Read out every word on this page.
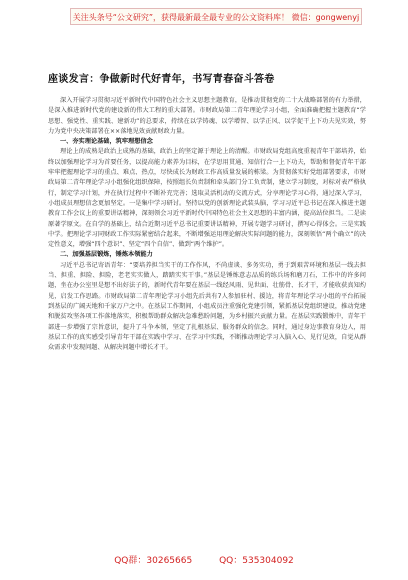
关注头条号“公文研究”，获得最新最全最专业的公文资料库！ 微信：gongwenyj
座谈发言：争做新时代好青年，书写青春奋斗答卷

深入开展学习贯彻习近平新时代中国特色社会主义思想主题教育，是推动贯彻党的二十大战略部署的有力举措，是深入推进新时代党的建设新的伟大工程的重大部署。市财政局第二青年理论学习小组，全面准确把握主题教育“学思想、强党性、重实践、建新功”的总要求，持续在以学铸魂、以学增智、以学正风、以学促干上下功夫见实效，努力为党中央决策部署在××落地见效贡献财政力量。

一、夯实理论基础，筑牢理想信念

理论上的成熟是政治上成熟的基础，政治上的坚定源于理论上的清醒。市财政局党组高度重视青年干部培养，始终以加强理论学习为首要任务，以提高能力素养为目标，在学思用贯通、知信行合一上下功夫，帮助和督促青年干部牢牢把握理论学习的重点、难点、热点，尽快成长为财政工作高质量发展的栋梁。为贯彻落实好党组部署要求，市财政局第二青年理论学习小组强化组织保障，按照组长负责制和牵头部门分工负责制，建立学习制度，对标对表严格执行，制定学习计划，并在执行过程中不断补充完善；选取灵活机动的交流方式，分享理论学习心得，通过深入学习，小组成员理想信念更加坚定。一是集中学习研讨。坚持以党的创新理论武装头脑，学习习近平总书记在深入推进主题教育工作会议上的重要讲话精神，深刻领会习近平新时代中国特色社会主义思想的丰富内涵，提高站位担当。二是读原著学原文。在自学的基础上，结合近期习近平总书记重要讲话精神，开展专题学习研讨，撰写心得体会。三是实践中学。把理论学习同财政工作实际紧密结合起来，不断增强运用理论解决实际问题的能力，深刻领悟“两个确立”的决定性意义，增强“四个意识”、坚定“四个自信”、做到“两个维护”。

二、加强基层锻炼，锤炼本领能力

习近平总书记寄语青年：“要培养担当实干的工作作风，不尚虚谈、多务实功，勇于到艰苦环境和基层一线去担当、担重、担险、担险，老老实实做人，踏踏实实干事。”基层是锤炼意志品质的练兵场和磨刀石，工作中的许多问题，坐在办公室里是想不出好法子的，新时代青年要在基层一线经风雨、见世面、壮筋骨、长才干，才能收获真知灼见，启发工作思路。市财政局第二青年理论学习小组先后共有7人参加驻村、援边，将青年理论学习小组的平台拓展到基层的广阔天地和千家万户之中。在基层工作期间，小组成员注重强化党建引领，紧抓基层党组织建设，推动党建和脱贫攻坚各项工作落地落实，积极帮助群众解决急难愁盼问题，为乡村振兴贡献力量。在基层实践锻炼中，青年干部进一步增强了宗旨意识，提升了斗争本领，坚定了扎根基层、服务群众的信念。同时，通过身边事教育身边人，用基层工作的真实感受引导青年干部在实践中学习、在学习中实践，不断推动理论学习入脑入心、见行见效，自觉从群众需求中发现问题、从解决问题中增长才干。

QQ群：30265665	QQ：535304092
